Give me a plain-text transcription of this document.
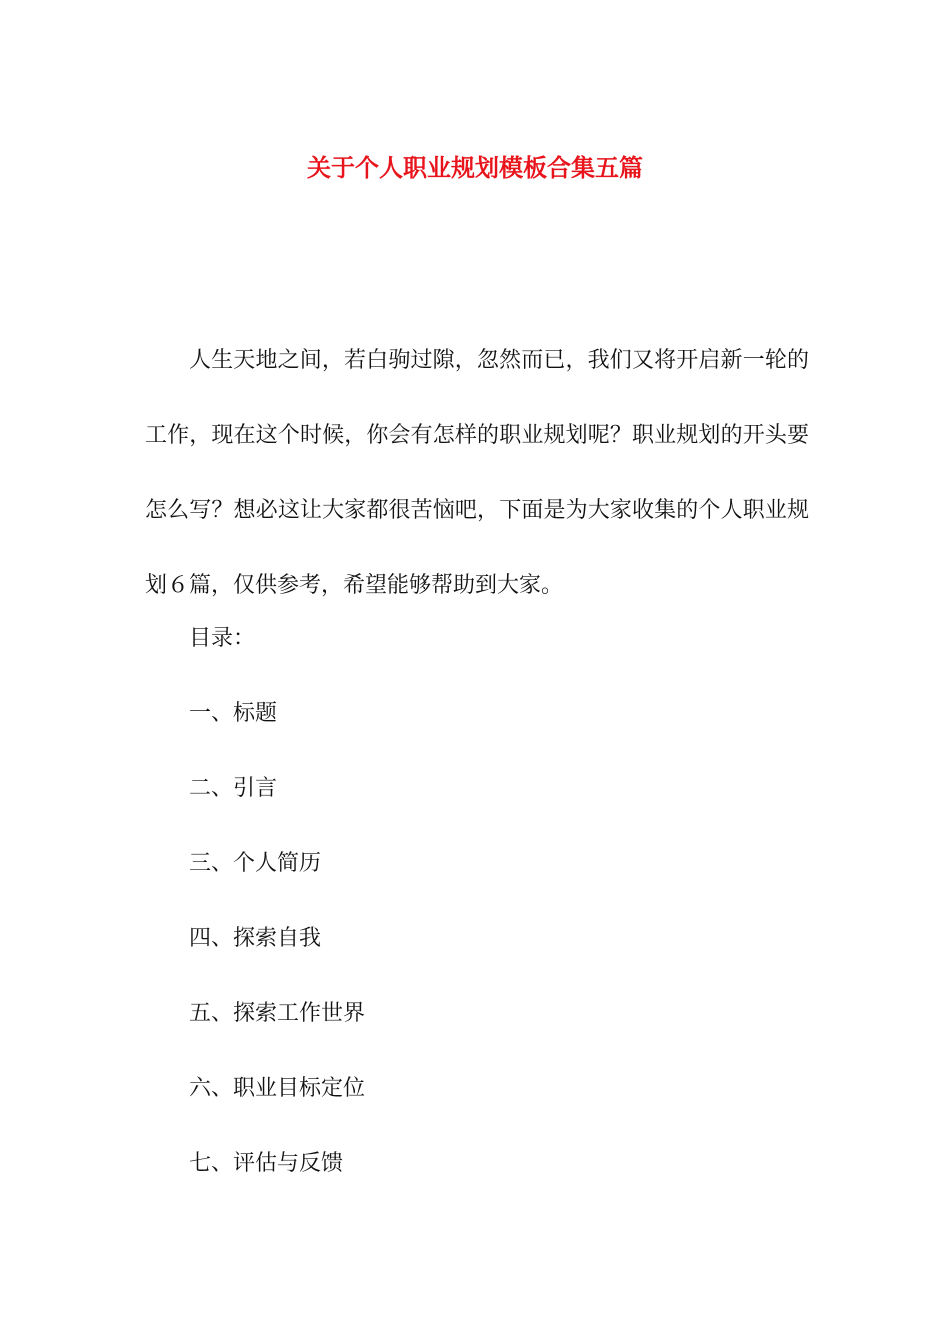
关于个人职业规划模板合集五篇

人生天地之间，若白驹过隙，忽然而已，我们又将开启新一轮的工作，现在这个时候，你会有怎样的职业规划呢？职业规划的开头要怎么写？想必这让大家都很苦恼吧，下面是为大家收集的个人职业规划６篇，仅供参考，希望能够帮助到大家。

目录：

一、标题
二、引言
三、个人简历
四、探索自我
五、探索工作世界
六、职业目标定位
七、评估与反馈
